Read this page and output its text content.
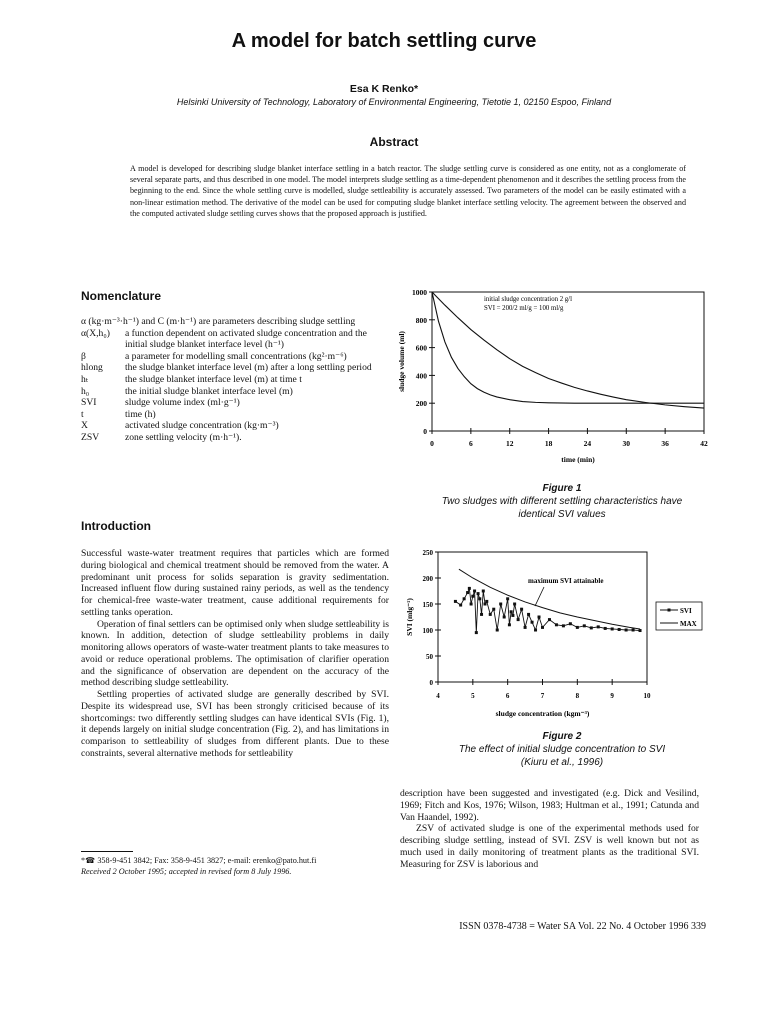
A model for batch settling curve
Esa K Renko*
Helsinki University of Technology, Laboratory of Environmental Engineering, Tietotie 1, 02150 Espoo, Finland
Abstract
A model is developed for describing sludge blanket interface settling in a batch reactor. The sludge settling curve is considered as one entity, not as a conglomerate of several separate parts, and thus described in one model. The model interprets sludge settling as a time-dependent phenomenon and it describes the settling process from the beginning to the end. Since the whole settling curve is modelled, sludge settleability is accurately assessed. Two parameters of the model can be easily estimated with a non-linear estimation method. The derivative of the model can be used for computing sludge blanket interface settling velocity. The agreement between the observed and the computed activated sludge settling curves shows that the proposed approach is justified.
Nomenclature
α (kg·m⁻³·h⁻¹) and C (m·h⁻¹) are parameters describing sludge settling
α(X,h₀)	a function dependent on activated sludge concentration and the initial sludge blanket interface level (h⁻¹)
β	a parameter for modelling small concentrations (kg²·m⁻⁶)
hlong	the sludge blanket interface level (m) after a long settling period
hₜ	the sludge blanket interface level (m) at time t
h₀	the initial sludge blanket interface level (m)
SVI	sludge volume index (ml·g⁻¹)
t	time (h)
X	activated sludge concentration (kg·m⁻³)
ZSV	zone settling velocity (m·h⁻¹).
Introduction

Successful waste-water treatment requires that particles which are formed during biological and chemical treatment should be removed from the water. A predominant unit process for solids separation is gravity sedimentation. Increased influent flow during sustained rainy periods, as well as the tendency for chemical-free waste-water treatment, cause additional requirements for settling tanks operation.

Operation of final settlers can be optimised only when sludge settleability is known. In addition, detection of sludge settleability problems in daily monitoring allows operators of waste-water treatment plants to take measures to avoid or reduce operational problems. The optimisation of clarifier operation and the significance of observation are dependent on the accuracy of the method describing sludge settleability.

Settling properties of activated sludge are generally described by SVI. Despite its widespread use, SVI has been strongly criticised because of its shortcomings: two differently settling sludges can have identical SVIs (Fig. 1), it depends largely on initial sludge concentration (Fig. 2), and has limitations in comparison to settleability of sludges from different plants. Due to these constraints, several alternative methods for settleability

*☎ 358-9-451 3842; Fax: 358-9-451 3827; e-mail: erenko@pato.hut.fi
Received 2 October 1995; accepted in revised form 8 July 1996.

description have been suggested and investigated (e.g. Dick and Vesilind, 1969; Fitch and Kos, 1976; Wilson, 1983; Hultman et al., 1991; Catunda and Van Haandel, 1992).

ZSV of activated sludge is one of the experimental methods used for describing sludge settling, instead of SVI. ZSV is well known but not as much used in daily monitoring of treatment plants as the traditional SVI. Measuring for ZSV is laborious and

0	6	12	18	24	30	36	42
0
200
400
600
800
1000
time (min)
sludge volume (ml)
initial sludge concentration 2 g/l
SVI = 200/2 ml/g = 100 ml/g
Figure 1
Two sludges with different settling characteristics have identical SVI values
4	5	6	7	8	9	10
0
50
100
150
200
250
sludge concentration (kgm⁻³)
SVI (mlg⁻¹)
maximum SVI attainable
SVI
MAX
Figure 2
The effect of initial sludge concentration to SVI
(Kiuru et al., 1996)
ISSN 0378-4738 = Water SA Vol. 22 No. 4 October 1996 339
